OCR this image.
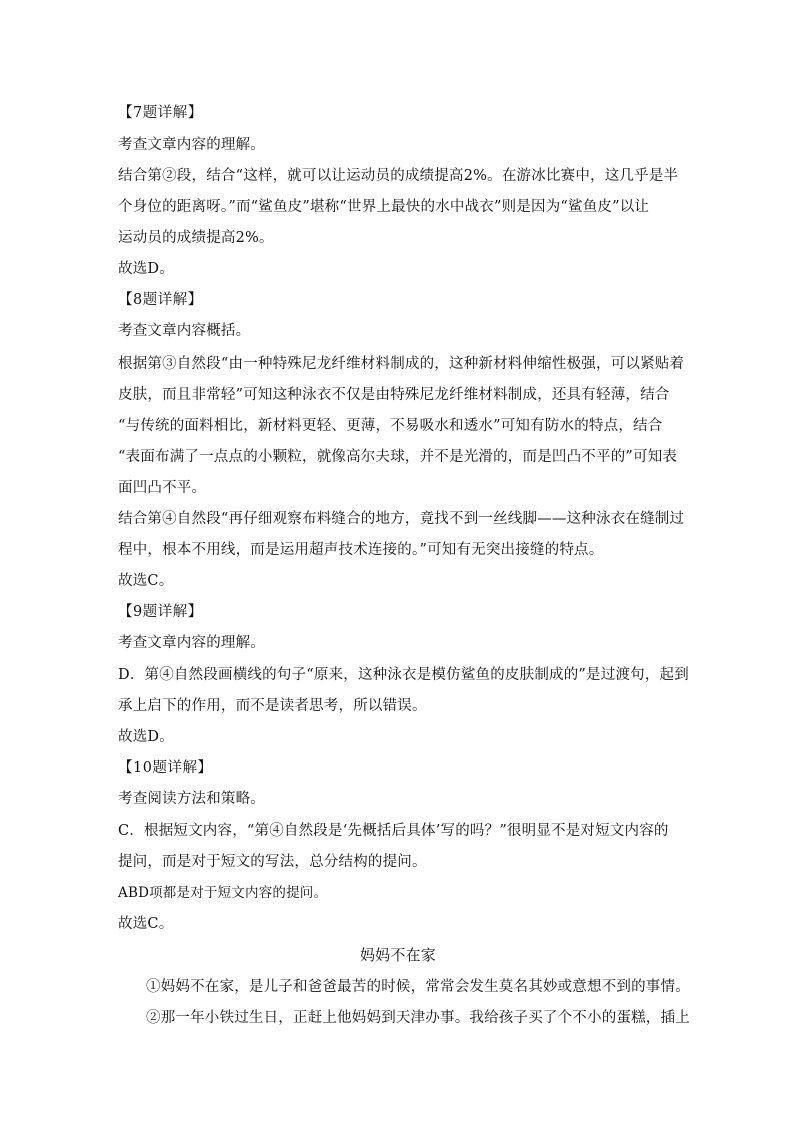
【7题详解】
考查文章内容的理解。
结合第②段，结合“这样，就可以让运动员的成绩提高2%。在游冰比赛中，这几乎是半
个身位的距离呀。”而“鲨鱼皮”堪称“世界上最快的水中战衣”则是因为“鲨鱼皮”以让
运动员的成绩提高2%。
故选D。
【8题详解】
考查文章内容概括。
根据第③自然段“由一种特殊尼龙纤维材料制成的，这种新材料伸缩性极强，可以紧贴着
皮肤，而且非常轻”可知这种泳衣不仅是由特殊尼龙纤维材料制成，还具有轻薄，结合
“与传统的面料相比，新材料更轻、更薄，不易吸水和透水”可知有防水的特点，结合
“表面布满了一点点的小颗粒，就像高尔夫球，并不是光滑的，而是凹凸不平的”可知表
面凹凸不平。
结合第④自然段“再仔细观察布料缝合的地方，竟找不到一丝线脚——这种泳衣在缝制过
程中，根本不用线，而是运用超声技术连接的。”可知有无突出接缝的特点。
故选C。
【9题详解】
考查文章内容的理解。
D．第④自然段画横线的句子“原来，这种泳衣是模仿鲨鱼的皮肤制成的”是过渡句，起到
承上启下的作用，而不是读者思考，所以错误。
故选D。
【10题详解】
考查阅读方法和策略。
C．根据短文内容，“第④自然段是‘先概括后具体’写的吗？”很明显不是对短文内容的
提问，而是对于短文的写法，总分结构的提问。
ABD项都是对于短文内容的提问。
故选C。
妈妈不在家
①妈妈不在家，是儿子和爸爸最苦的时候，常常会发生莫名其妙或意想不到的事情。
②那一年小铁过生日，正赶上他妈妈到天津办事。我给孩子买了个不小的蛋糕，插上
